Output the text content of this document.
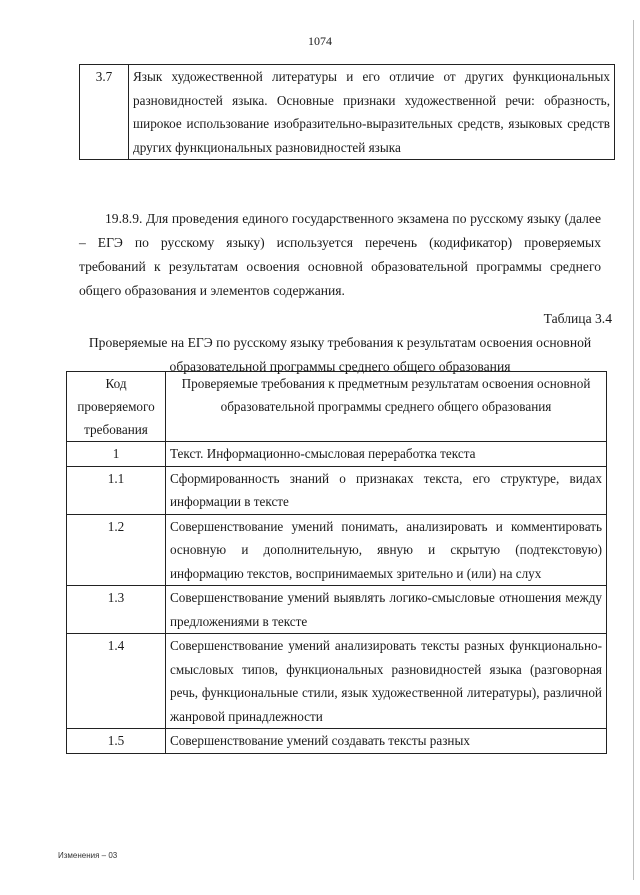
1074
3.7	Язык художественной литературы и его отличие от других функциональных разновидностей языка. Основные признаки художественной речи: образность, широкое использование изобразительно-выразительных средств, языковых средств других функциональных разновидностей языка

19.8.9. Для проведения единого государственного экзамена по русскому языку (далее – ЕГЭ по русскому языку) используется перечень (кодификатор) проверяемых требований к результатам освоения основной образовательной программы среднего общего образования и элементов содержания.

Таблица 3.4

Проверяемые на ЕГЭ по русскому языку требования к результатам освоения основной образовательной программы среднего общего образования

Код проверяемого требования	Проверяемые требования к предметным результатам освоения основной образовательной программы среднего общего образования
1	Текст. Информационно-смысловая переработка текста
1.1	Сформированность знаний о признаках текста, его структуре, видах информации в тексте
1.2	Совершенствование умений понимать, анализировать и комментировать основную и дополнительную, явную и скрытую (подтекстовую) информацию текстов, воспринимаемых зрительно и (или) на слух
1.3	Совершенствование умений выявлять логико-смысловые отношения между предложениями в тексте
1.4	Совершенствование умений анализировать тексты разных функционально-смысловых типов, функциональных разновидностей языка (разговорная речь, функциональные стили, язык художественной литературы), различной жанровой принадлежности
1.5	Совершенствование умений создавать тексты разных
Изменения – 03
